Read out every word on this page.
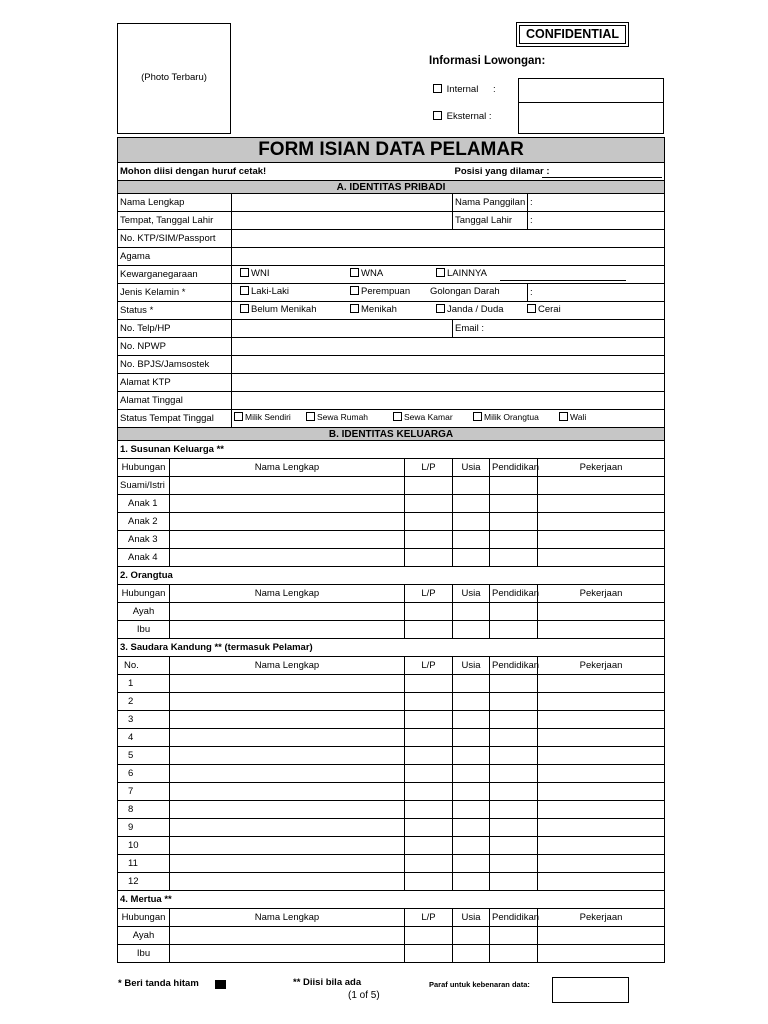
(Photo Terbaru)
CONFIDENTIAL
Informasi Lowongan:
Internal :
Eksternal :
FORM ISIAN DATA PELAMAR							
Mohon diisi dengan huruf cetak!				Posisi yang dilamar :			

A. IDENTITAS PRIBADI							
Nama Lengkap				Nama Panggilan		:	
Tempat, Tanggal Lahir				Tanggal Lahir		:	
No. KTP/SIM/Passport							
Agama							
Kewarganegaraan		WNI WNA LAINNYA					

Jenis Kelamin *		Laki-Laki Perempuan Golongan Darah				:	
Status *		Belum Menikah Menikah Janda / Duda Cerai					

No. Telp/HP				Email :			
No. NPWP							
No. BPJS/Jamsostek							
Alamat KTP							
Alamat Tinggal							
Status Tempat Tinggal		Milik Sendiri Sewa Rumah Sewa Kamar Milik Orangtua Wali					

B. IDENTITAS KELUARGA							
1. Susunan Keluarga **							
Hubungan	Nama Lengkap		L/P	Usia	Pendidikan		Pekerjaan
Suami/Istri							
Anak 1							
Anak 2							
Anak 3							
Anak 4							
2. Orangtua							
Hubungan	Nama Lengkap		L/P	Usia	Pendidikan		Pekerjaan
Ayah							
Ibu							
3. Saudara Kandung ** (termasuk Pelamar)							
No.	Nama Lengkap		L/P	Usia	Pendidikan		Pekerjaan
1							
2							
3							
4							
5							
6							
7							
8							
9							
10							
11							
12							
4. Mertua **							
Hubungan	Nama Lengkap		L/P	Usia	Pendidikan		Pekerjaan
Ayah							
Ibu							
* Beri tanda hitam	** Diisi bila ada
(1 of 5)
Paraf untuk kebenaran data:
